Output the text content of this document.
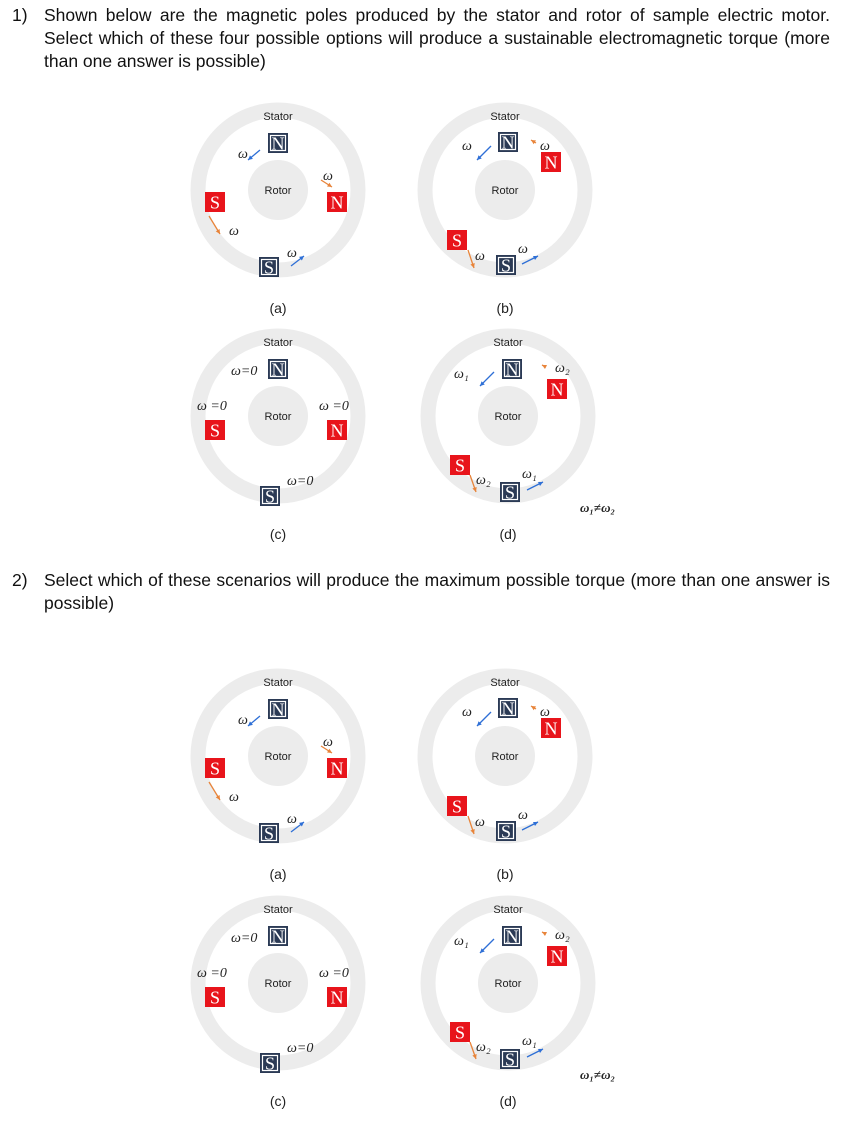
1) Shown below are the magnetic poles produced by the stator and rotor of sample electric motor. Select which of these four possible options will produce a sustainable electromagnetic torque (more than one answer is possible)
2) Select which of these scenarios will produce the maximum possible torque (more than one answer is possible)
Stator
Rotor
(a)
N
S	N
S
ω
ω
ω
ω
Stator
Rotor
(b)
N
N
S
S
ω	ω
ω ω
Stator
Rotor
(c)
N
S	N
S
ω=0
ω =0	ω =0
ω=0
Stator
Rotor
(d)
N
N
S
S
ω₁	ω₂
ω₂ ω₁
ω₁≠ω₂
Stator
Rotor
(a)
N
S	N
S
ω
ω
ω
ω
Stator
Rotor
(b)
N
N
S
S
ω	ω
ω ω
Stator
Rotor
(c)
N
S	N
S
ω=0
ω =0	ω =0
ω=0
Stator
Rotor
(d)
N
N
S
S
ω₁	ω₂
ω₂ ω₁
ω₁≠ω₂
